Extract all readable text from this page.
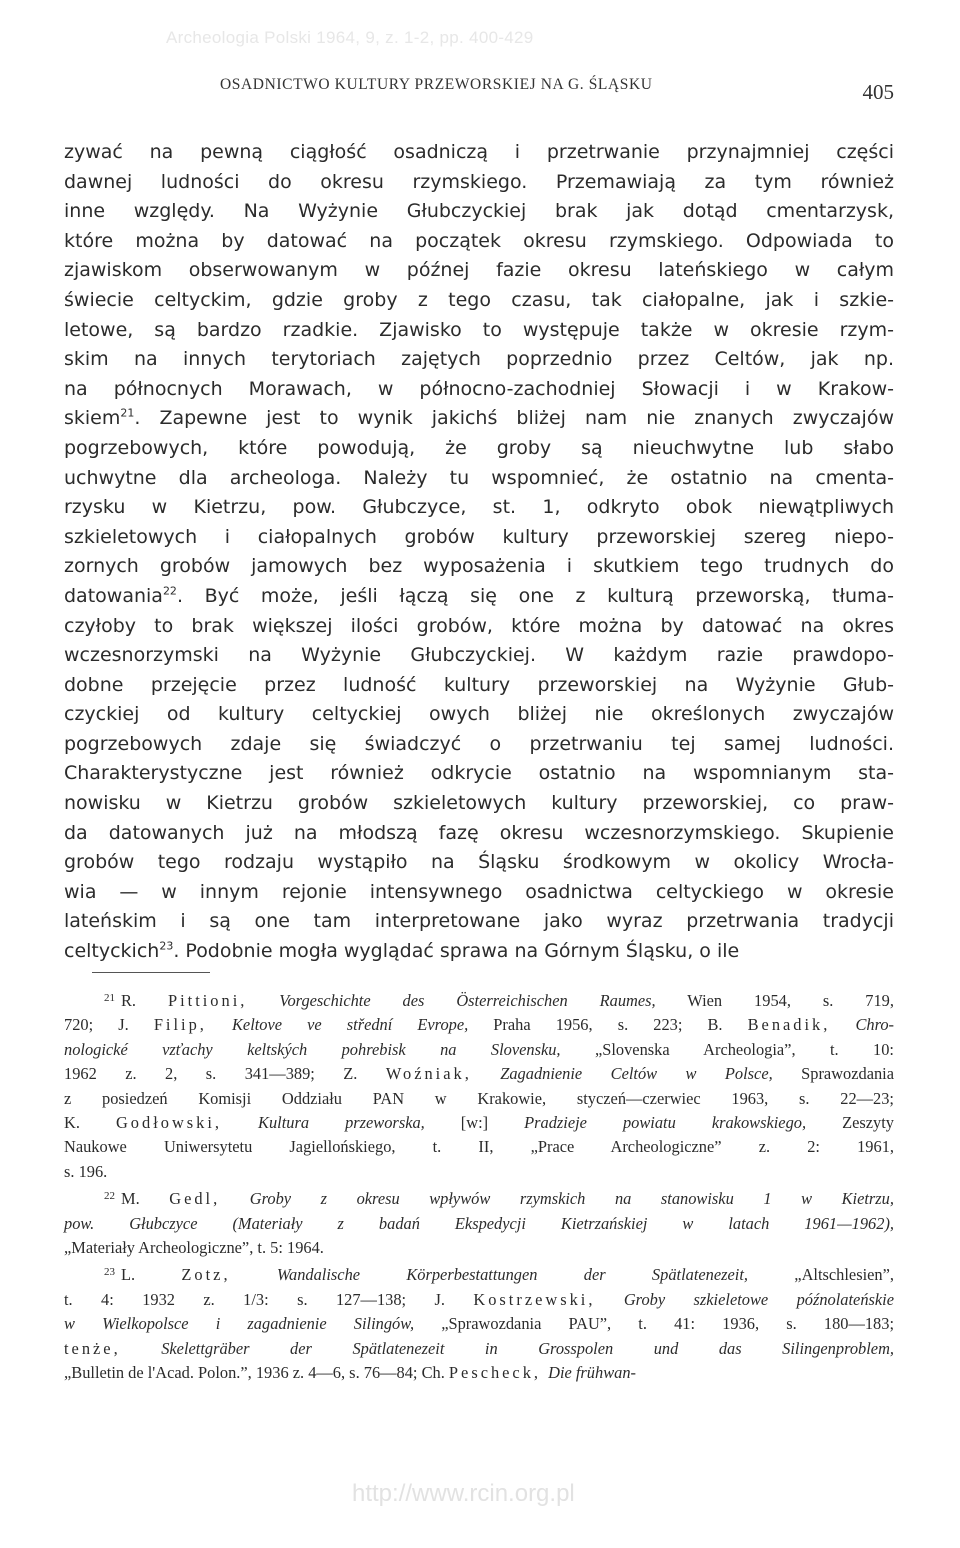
Archeologia Polski 1964, 9, z. 1-2, pp. 400-429
OSADNICTWO KULTURY PRZEWORSKIEJ NA G. ŚLĄSKU	405
zywać na pewną ciągłość osadniczą i przetrwanie przynajmniej części
dawnej ludności do okresu rzymskiego. Przemawiają za tym również
inne względy. Na Wyżynie Głubczyckiej brak jak dotąd cmentarzysk,
które można by datować na początek okresu rzymskiego. Odpowiada to
zjawiskom obserwowanym w późnej fazie okresu lateńskiego w całym
świecie celtyckim, gdzie groby z tego czasu, tak ciałopalne, jak i szkie-
letowe, są bardzo rzadkie. Zjawisko to występuje także w okresie rzym-
skim na innych terytoriach zajętych poprzednio przez Celtów, jak np.
na północnych Morawach, w północno-zachodniej Słowacji i w Krakow-
skiem$^{21}$. Zapewne jest to wynik jakichś bliżej nam nie znanych zwyczajów
pogrzebowych, które powodują, że groby są nieuchwytne lub słabo
uchwytne dla archeologa. Należy tu wspomnieć, że ostatnio na cmenta-
rzysku w Kietrzu, pow. Głubczyce, st. 1, odkryto obok niewątpliwych
szkieletowych i ciałopalnych grobów kultury przeworskiej szereg niepo-
zornych grobów jamowych bez wyposażenia i skutkiem tego trudnych do
datowania$^{22}$. Być może, jeśli łączą się one z kulturą przeworską, tłuma-
czyłoby to brak większej ilości grobów, które można by datować na okres
wczesnorzymski na Wyżynie Głubczyckiej. W każdym razie prawdopo-
dobne przejęcie przez ludność kultury przeworskiej na Wyżynie Głub-
czyckiej od kultury celtyckiej owych bliżej nie określonych zwyczajów
pogrzebowych zdaje się świadczyć o przetrwaniu tej samej ludności.
Charakterystyczne jest również odkrycie ostatnio na wspomnianym sta-
nowisku w Kietrzu grobów szkieletowych kultury przeworskiej, co praw-
da datowanych już na młodszą fazę okresu wczesnorzymskiego. Skupienie
grobów tego rodzaju wystąpiło na Śląsku środkowym w okolicy Wrocła-
wia — w innym rejonie intensywnego osadnictwa celtyckiego w okresie
lateńskim i są one tam interpretowane jako wyraz przetrwania tradycji
celtyckich$^{23}$. Podobnie mogła wyglądać sprawa na Górnym Śląsku, o ile
$^{21}$ R. Pittioni, Vorgeschichte des Österreichischen Raumes, Wien 1954, s. 719,
720; J. Filip, Keltove ve střední Evrope, Praha 1956, s. 223; B. Benadik, Chro-
nologické vzťachy keltských pohrebisk na Slovensku, „Slovenska Archeologia”, t. 10:
1962 z. 2, s. 341—389; Z. Woźniak, Zagadnienie Celtów w Polsce, Sprawozdania
z posiedzeń Komisji Oddziału PAN w Krakowie, styczeń—czerwiec 1963, s. 22—23;
K. Godłowski, Kultura przeworska, [w:] Pradzieje powiatu krakowskiego, Zeszyty
Naukowe Uniwersytetu Jagiellońskiego, t. II, „Prace Archeologiczne” z. 2: 1961,
s. 196.
$^{22}$ M. Gedl, Groby z okresu wpływów rzymskich na stanowisku 1 w Kietrzu,
pow. Głubczyce (Materiały z badań Ekspedycji Kietrzańskiej w latach 1961—1962),
„Materiały Archeologiczne”, t. 5: 1964.
$^{23}$ L. Zotz, Wandalische Körperbestattungen der Spätlatenezeit, „Altschlesien”,
t. 4: 1932 z. 1/3: s. 127—138; J. Kostrzewski, Groby szkieletowe późnolateńskie
w Wielkopolsce i zagadnienie Silingów, „Sprawozdania PAU”, t. 41: 1936, s. 180—183;
tenże, Skelettgräber der Spätlatenezeit in Grosspolen und das Silingenproblem,
„Bulletin de l'Acad. Polon.”, 1936 z. 4—6, s. 76—84; Ch. Pescheck, Die frühwan-
http://www.rcin.org.pl
